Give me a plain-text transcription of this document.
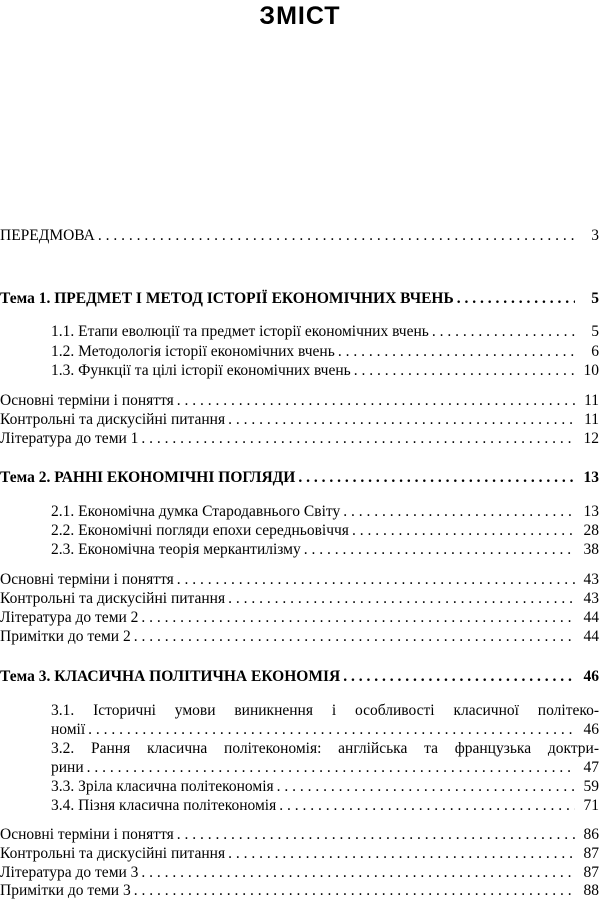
ЗМІСТ
ПЕРЕДМОВА . . .	3
Тема 1. ПРЕДМЕТ І МЕТОД ІСТОРІЇ ЕКОНОМІЧНИХ ВЧЕНЬ . . .	5
1.1. Етапи еволюції та предмет історії економічних вчень . . .	5
1.2. Методологія історії економічних вчень . . .	6
1.3. Функції та цілі історії економічних вчень . . .	10
Основні терміни і поняття . . .	11
Контрольні та дискусійні питання . . .	11
Література до теми 1 . . .	12
Тема 2. РАННІ ЕКОНОМІЧНІ ПОГЛЯДИ . . .	13
2.1. Економічна думка Стародавнього Світу . . .	13
2.2. Економічні погляди епохи середньовіччя . . .	28
2.3. Економічна теорія меркантилізму . . .	38
Основні терміни і поняття . . .	43
Контрольні та дискусійні питання . . .	43
Література до теми 2 . . .	44
Примітки до теми 2 . . .	44
Тема 3. КЛАСИЧНА ПОЛІТИЧНА ЕКОНОМІЯ . . .	46
3.1. Історичні умови виникнення і особливості класичної політеко-
номії . . .	46
3.2. Рання класична політекономія: англійська та французька доктри-
рини . . .	47
3.3. Зріла класична політекономія . . .	59
3.4. Пізня класична політекономія . . .	71
Основні терміни і поняття . . .	86
Контрольні та дискусійні питання . . .	87
Література до теми 3 . . .	87
Примітки до теми 3 . . .	88
